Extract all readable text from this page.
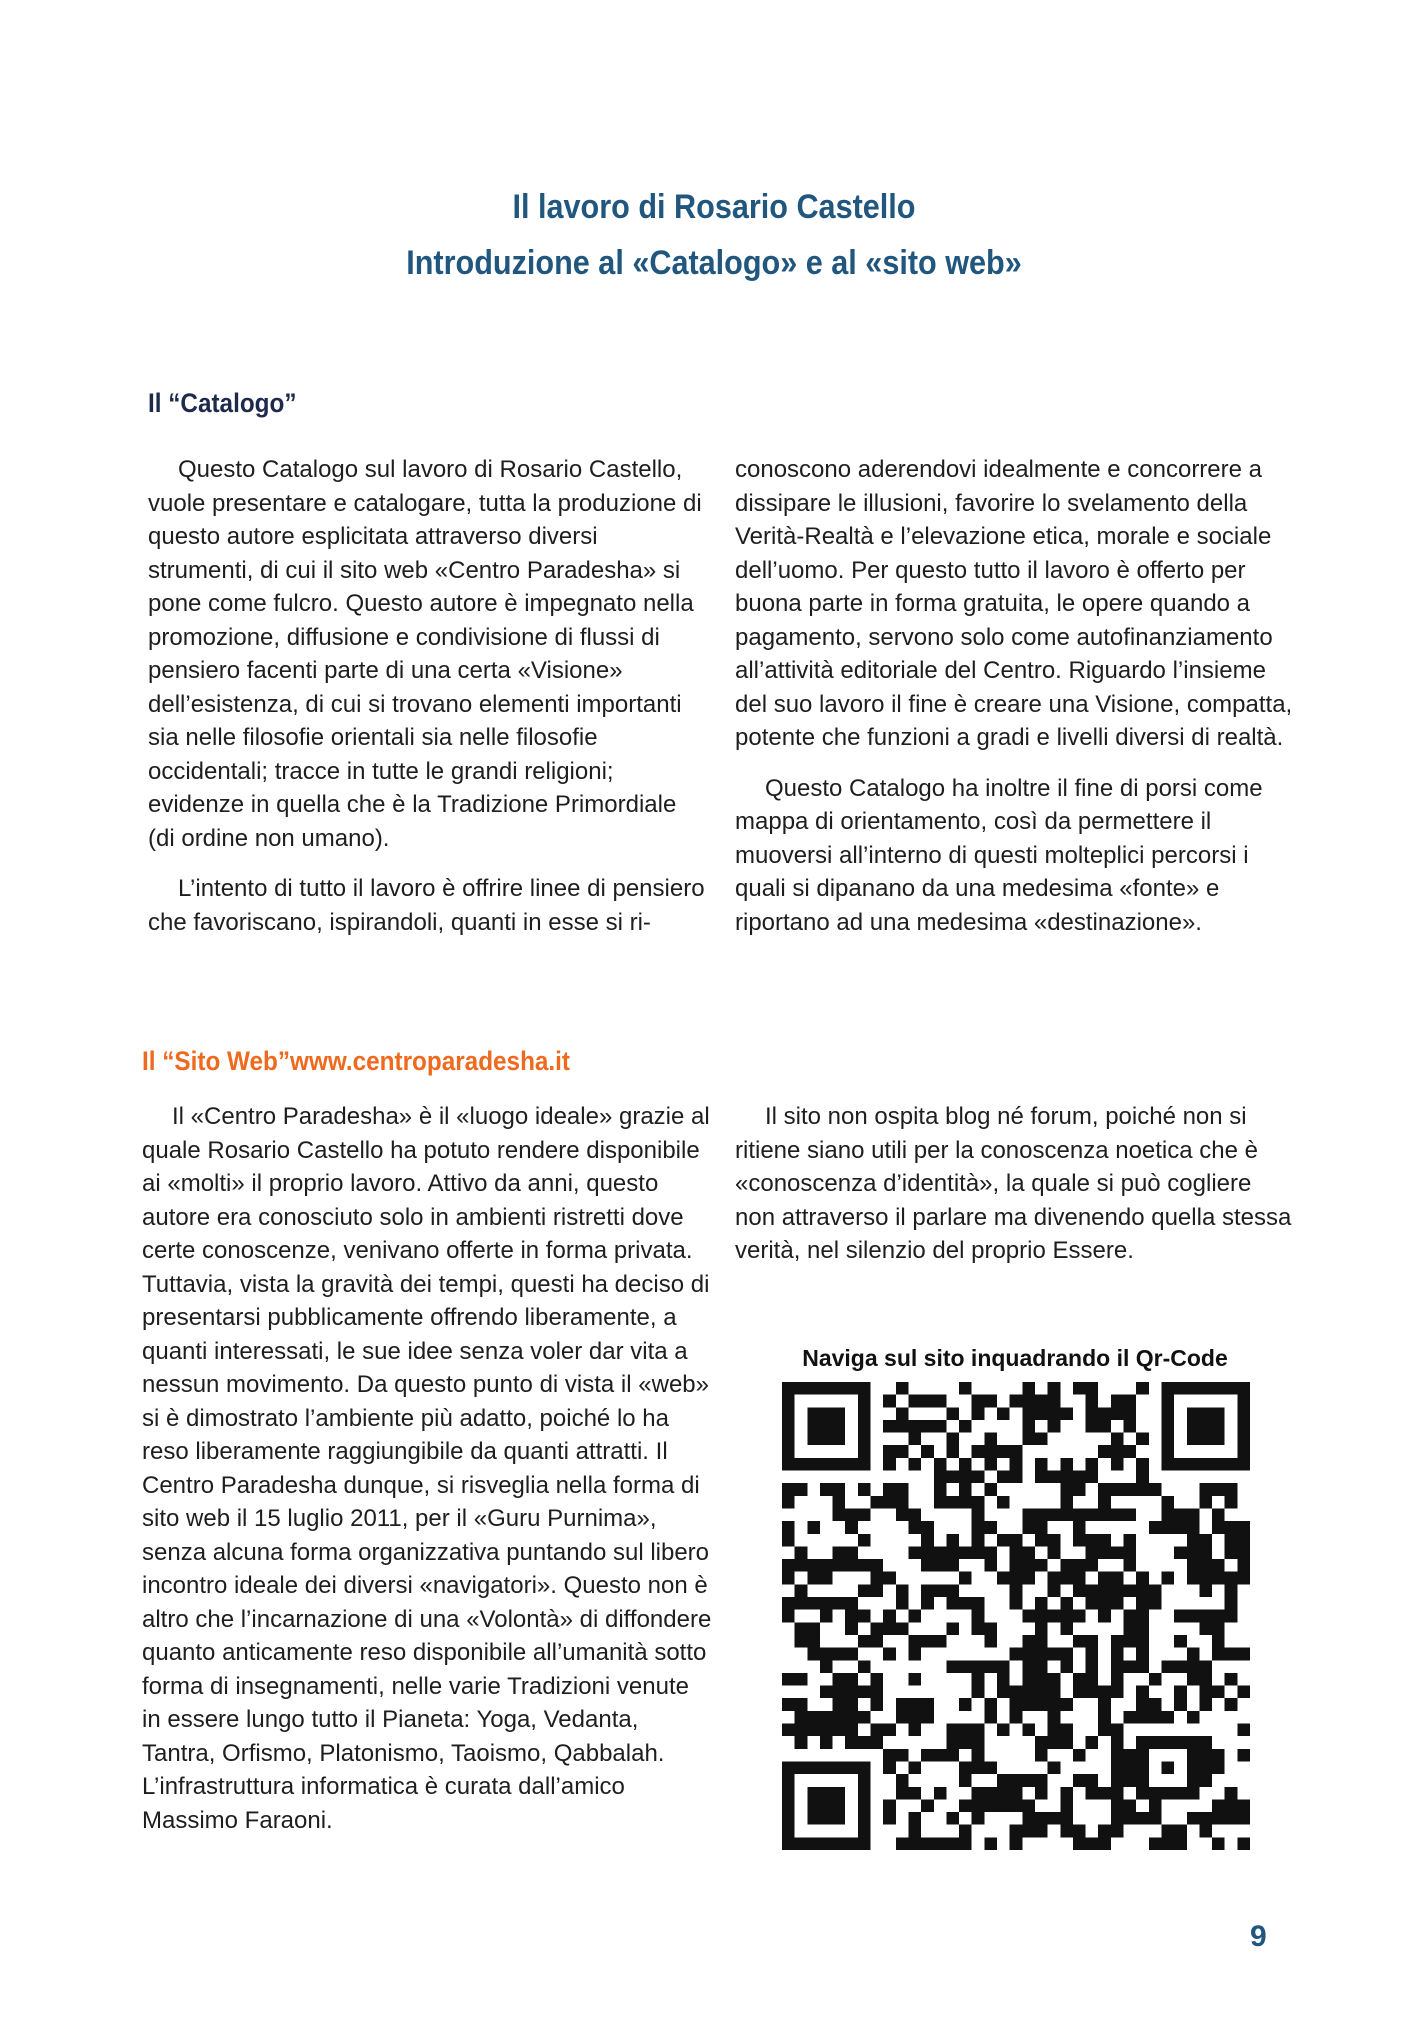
Il lavoro di Rosario Castello
Introduzione al «Catalogo» e al «sito web»
Il “Catalogo”

Questo Catalogo sul lavoro di Rosario Castello, vuole presentare e catalogare, tutta la produzione di questo autore esplicitata attraverso diversi strumenti, di cui il sito web «Centro Paradesha» si pone come fulcro. Questo autore è impegnato nella promozione, diffusione e condivisione di flussi di pensiero facenti parte di una certa «Visione» dell’esistenza, di cui si trovano elementi importanti sia nelle filosofie orientali sia nelle filosofie occidentali; tracce in tutte le grandi religioni; evidenze in quella che è la Tradizione Primordiale (di ordine non umano).

L’intento di tutto il lavoro è offrire linee di pensiero che favoriscano, ispirandoli, quanti in esse si ri-

conoscono aderendovi idealmente e concorrere a dissipare le illusioni, favorire lo svelamento della Verità-Realtà e l’elevazione etica, morale e sociale dell’uomo. Per questo tutto il lavoro è offerto per buona parte in forma gratuita, le opere quando a pagamento, servono solo come autofinanziamento all’attività editoriale del Centro. Riguardo l’insieme del suo lavoro il fine è creare una Visione, compatta, potente che funzioni a gradi e livelli diversi di realtà.

Questo Catalogo ha inoltre il fine di porsi come mappa di orientamento, così da permettere il muoversi all’interno di questi molteplici percorsi i quali si dipanano da una medesima «fonte» e riportano ad una medesima «destinazione».

Il “Sito Web”www.centroparadesha.it

Il «Centro Paradesha» è il «luogo ideale» grazie al quale Rosario Castello ha potuto rendere disponibile ai «molti» il proprio lavoro. Attivo da anni, questo autore era conosciuto solo in ambienti ristretti dove certe conoscenze, venivano offerte in forma privata. Tuttavia, vista la gravità dei tempi, questi ha deciso di presentarsi pubblicamente offrendo liberamente, a quanti interessati, le sue idee senza voler dar vita a nessun movimento. Da questo punto di vista il «web» si è dimostrato l’ambiente più adatto, poiché lo ha reso liberamente raggiungibile da quanti attratti. Il Centro Paradesha dunque, si risveglia nella forma di sito web il 15 luglio 2011, per il «Guru Purnima», senza alcuna forma organizzativa puntando sul libero incontro ideale dei diversi «navigatori». Questo non è altro che l’incarnazione di una «Volontà» di diffondere quanto anticamente reso disponibile all’umanità sotto forma di insegnamenti, nelle varie Tradizioni venute in essere lungo tutto il Pianeta: Yoga, Vedanta, Tantra, Orfismo, Platonismo, Taoismo, Qabbalah. L’infrastruttura informatica è curata dall’amico Massimo Faraoni.

Il sito non ospita blog né forum, poiché non si ritiene siano utili per la conoscenza noetica che è «conoscenza d’identità», la quale si può cogliere non attraverso il parlare ma divenendo quella stessa verità, nel silenzio del proprio Essere.

Naviga sul sito inquadrando il Qr-Code
9
